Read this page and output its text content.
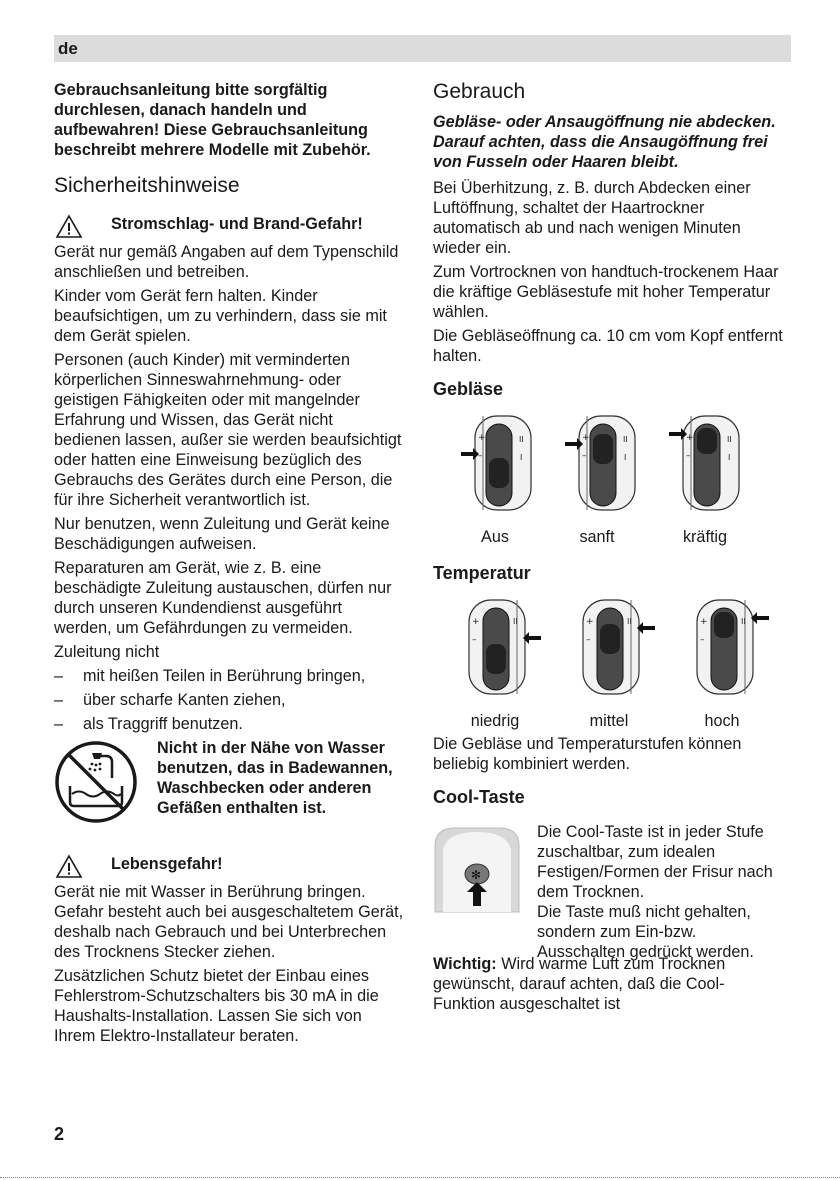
de

Gebrauchsanleitung bitte sorgfältig durchlesen, danach handeln und aufbewahren! Diese Gebrauchsanleitung beschreibt mehrere Modelle mit Zubehör.

Sicherheitshinweise
Stromschlag- und Brand-Gefahr!

Gerät nur gemäß Angaben auf dem Typenschild anschließen und betreiben.

Kinder vom Gerät fern halten. Kinder beaufsichtigen, um zu verhindern, dass sie mit dem Gerät spielen.

Personen (auch Kinder) mit verminderten körperlichen Sinneswahrnehmung- oder geistigen Fähigkeiten oder mit mangelnder Erfahrung und Wissen, das Gerät nicht bedienen lassen, außer sie werden beaufsichtigt oder hatten eine Einweisung bezüglich des Gebrauchs des Gerätes durch eine Person, die für ihre Sicherheit verantwortlich ist.

Nur benutzen, wenn Zuleitung und Gerät keine Beschädigungen aufweisen.

Reparaturen am Gerät, wie z. B. eine beschädigte Zuleitung austauschen, dürfen nur durch unseren Kundendienst ausgeführt werden, um Gefährdungen zu vermeiden.

Zuleitung nicht

– mit heißen Teilen in Berührung bringen,
– über scharfe Kanten ziehen,
– als Traggriff benutzen.

Nicht in der Nähe von Wasser benutzen, das in Badewannen, Waschbecken oder anderen Gefäßen enthalten ist.

Lebensgefahr!

Gerät nie mit Wasser in Berührung bringen. Gefahr besteht auch bei ausgeschaltetem Gerät, deshalb nach Gebrauch und bei Unterbrechen des Trocknens Stecker ziehen.

Zusätzlichen Schutz bietet der Einbau eines Fehlerstrom-Schutzschalters bis 30 mA in die Haushalts-Installation. Lassen Sie sich von Ihrem Elektro-Installateur beraten.

Gebrauch

Gebläse- oder Ansaugöffnung nie abdecken. Darauf achten, dass die Ansaugöffnung frei von Fusseln oder Haaren bleibt.

Bei Überhitzung, z. B. durch Abdecken einer Luftöffnung, schaltet der Haartrockner automatisch ab und nach wenigen Minuten wieder ein.

Zum Vortrocknen von handtuch-trockenem Haar die kräftige Gebläsestufe mit hoher Temperatur wählen.

Die Gebläseöffnung ca. 10 cm vom Kopf entfernt halten.

Gebläse
+
–
II
I
+
–
II
I
+
–
II
I
Aus	sanft	kräftig
Temperatur
+
–
II	+
–
II	+
–
II
niedrig	mittel	hoch

Die Gebläse und Temperaturstufen können beliebig kombiniert werden.

Cool-Taste
✻

Die Cool-Taste ist in jeder Stufe zuschaltbar, zum idealen Festigen/Formen der Frisur nach dem Trocknen.

Die Taste muß nicht gehalten, sondern zum Ein-bzw. Ausschalten gedrückt werden.

Wichtig: Wird warme Luft zum Trocknen gewünscht, darauf achten, daß die Cool-Funktion ausgeschaltet ist

2
